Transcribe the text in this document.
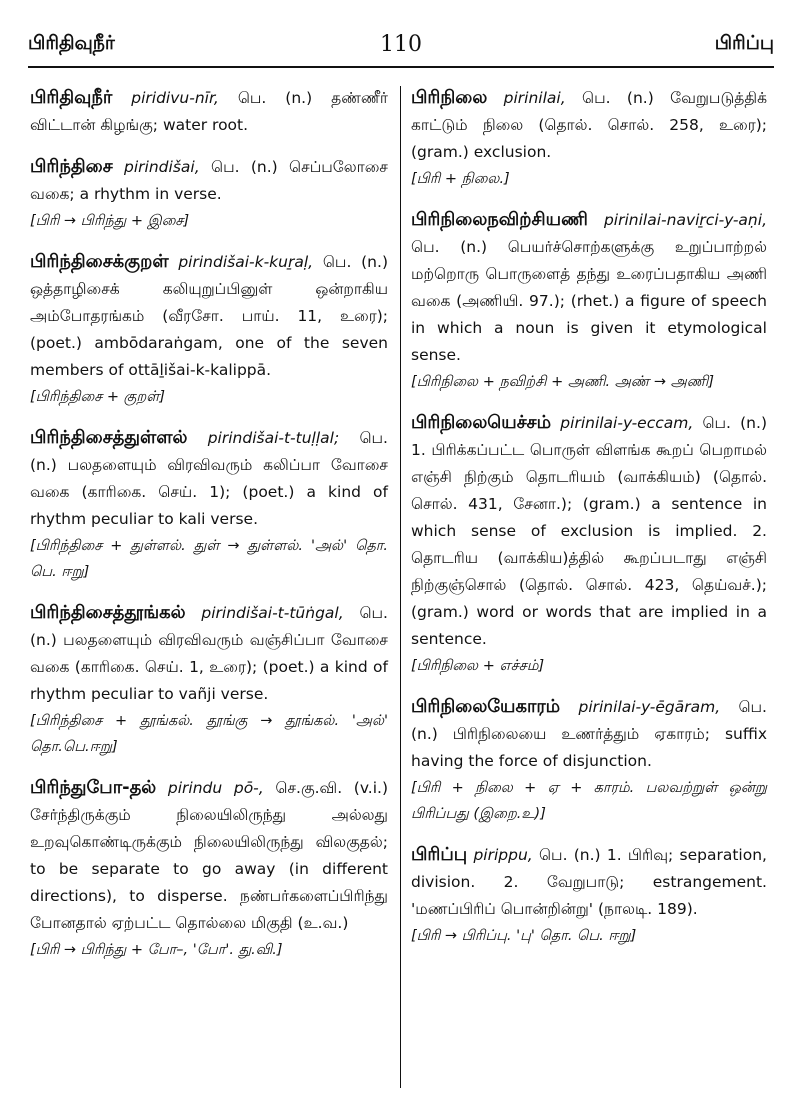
பிரிதிவுநீர்	110	பிரிப்பு

பிரிதிவுநீர் piridivu-nīr, பெ. (n.) தண்ணீர் விட்டான் கிழங்கு; water root.

பிரிந்திசை pirindišai, பெ. (n.) செப்பலோசை வகை; a rhythm in verse.

[பிரி → பிரிந்து + இசை]

பிரிந்திசைக்குறள் pirindišai-k-kuṟaḷ, பெ. (n.) ஒத்தாழிசைக் கலியுறுப்பினுள் ஒன்றாகிய அம்போதரங்கம் (வீரசோ. பாய். 11, உரை); (poet.) ambōdaraṅgam, one of the seven members of ottāḻišai-k-kalippā.

[பிரிந்திசை + குறள்]

பிரிந்திசைத்துள்ளல் pirindišai-t-tuḷḷal; பெ. (n.) பலதளையும் விரவிவரும் கலிப்பா வோசை வகை (காரிகை. செய். 1); (poet.) a kind of rhythm peculiar to kali verse.

[பிரிந்திசை + துள்ளல். துள் → துள்ளல். 'அல்' தொ. பெ. ஈறு]

பிரிந்திசைத்தூங்கல் pirindišai-t-tūṅgal, பெ. (n.) பலதளையும் விரவிவரும் வஞ்சிப்பா வோசை வகை (காரிகை. செய். 1, உரை); (poet.) a kind of rhythm peculiar to vañji verse.

[பிரிந்திசை + தூங்கல். தூங்கு → தூங்கல். 'அல்' தொ.பெ.ஈறு]

பிரிந்துபோ-தல் pirindu pō-, செ.கு.வி. (v.i.) சேர்ந்திருக்கும் நிலையிலிருந்து அல்லது உறவுகொண்டிருக்கும் நிலையிலிருந்து விலகுதல்; to be separate to go away (in different directions), to disperse. நண்பர்களைப்பிரிந்து போனதால் ஏற்பட்ட தொல்லை மிகுதி (உ.வ.)

[பிரி → பிரிந்து + போ–, 'போ'. து.வி.]

பிரிநிலை pirinilai, பெ. (n.) வேறுபடுத்திக் காட்டும் நிலை (தொல். சொல். 258, உரை); (gram.) exclusion.

[பிரி + நிலை.]

பிரிநிலைநவிற்சியணி pirinilai-naviṟci-y-aṇi, பெ. (n.) பெயர்ச்சொற்களுக்கு உறுப்பாற்றல் மற்றொரு பொருளைத் தந்து உரைப்பதாகிய அணி வகை (அணியி. 97.); (rhet.) a figure of speech in which a noun is given it etymological sense.

[பிரிநிலை + நவிற்சி + அணி. அண் → அணி]

பிரிநிலையெச்சம் pirinilai-y-eccam, பெ. (n.) 1. பிரிக்கப்பட்ட பொருள் விளங்க கூறப் பெறாமல் எஞ்சி நிற்கும் தொடரியம் (வாக்கியம்) (தொல். சொல். 431, சேனா.); (gram.) a sentence in which sense of exclusion is implied. 2. தொடரிய (வாக்கிய)த்தில் கூறப்படாது எஞ்சி நிற்குஞ்சொல் (தொல். சொல். 423, தெய்வச்.); (gram.) word or words that are implied in a sentence.

[பிரிநிலை + எச்சம்]

பிரிநிலையேகாரம் pirinilai-y-ēgāram, பெ. (n.) பிரிநிலையை உணர்த்தும் ஏகாரம்; suffix having the force of disjunction.

[பிரி + நிலை + ஏ + காரம். பலவற்றுள் ஒன்று பிரிப்பது (இறை.உ)]

பிரிப்பு pirippu, பெ. (n.) 1. பிரிவு; separation, division. 2. வேறுபாடு; estrangement. 'மணப்பிரிப் பொன்றின்று' (நாலடி. 189).

[பிரி → பிரிப்பு. 'பு' தொ. பெ. ஈறு]
